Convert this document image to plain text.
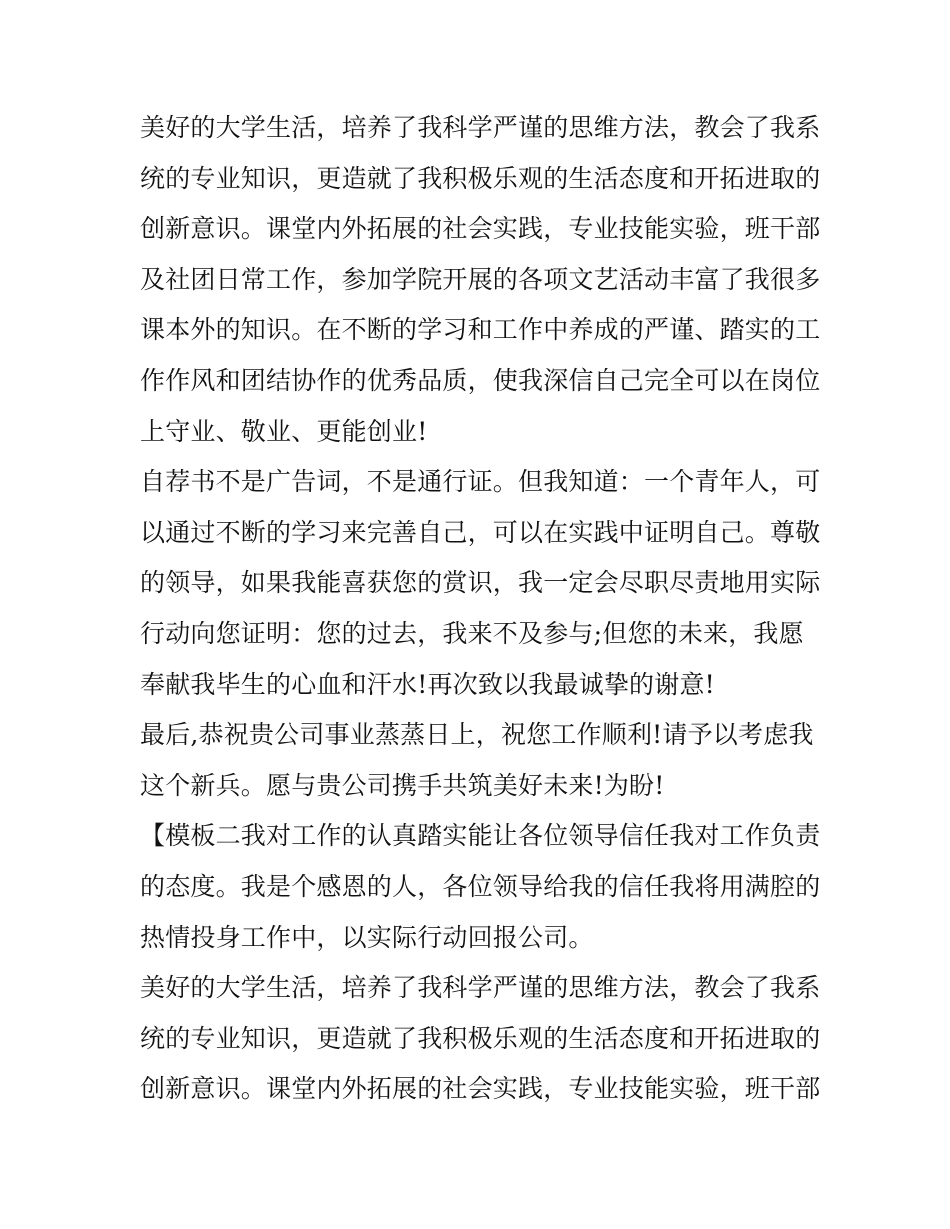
美好的大学生活，培养了我科学严谨的思维方法，教会了我系
统的专业知识，更造就了我积极乐观的生活态度和开拓进取的
创新意识。课堂内外拓展的社会实践，专业技能实验，班干部
及社团日常工作，参加学院开展的各项文艺活动丰富了我很多
课本外的知识。在不断的学习和工作中养成的严谨、踏实的工
作作风和团结协作的优秀品质，使我深信自己完全可以在岗位
上守业、敬业、更能创业!
自荐书不是广告词，不是通行证。但我知道：一个青年人，可
以通过不断的学习来完善自己，可以在实践中证明自己。尊敬
的领导，如果我能喜获您的赏识，我一定会尽职尽责地用实际
行动向您证明：您的过去，我来不及参与;但您的未来，我愿
奉献我毕生的心血和汗水!再次致以我最诚挚的谢意!
最后,恭祝贵公司事业蒸蒸日上，祝您工作顺利!请予以考虑我
这个新兵。愿与贵公司携手共筑美好未来!为盼!
【模板二我对工作的认真踏实能让各位领导信任我对工作负责
的态度。我是个感恩的人，各位领导给我的信任我将用满腔的
热情投身工作中，以实际行动回报公司。
美好的大学生活，培养了我科学严谨的思维方法，教会了我系
统的专业知识，更造就了我积极乐观的生活态度和开拓进取的
创新意识。课堂内外拓展的社会实践，专业技能实验，班干部
